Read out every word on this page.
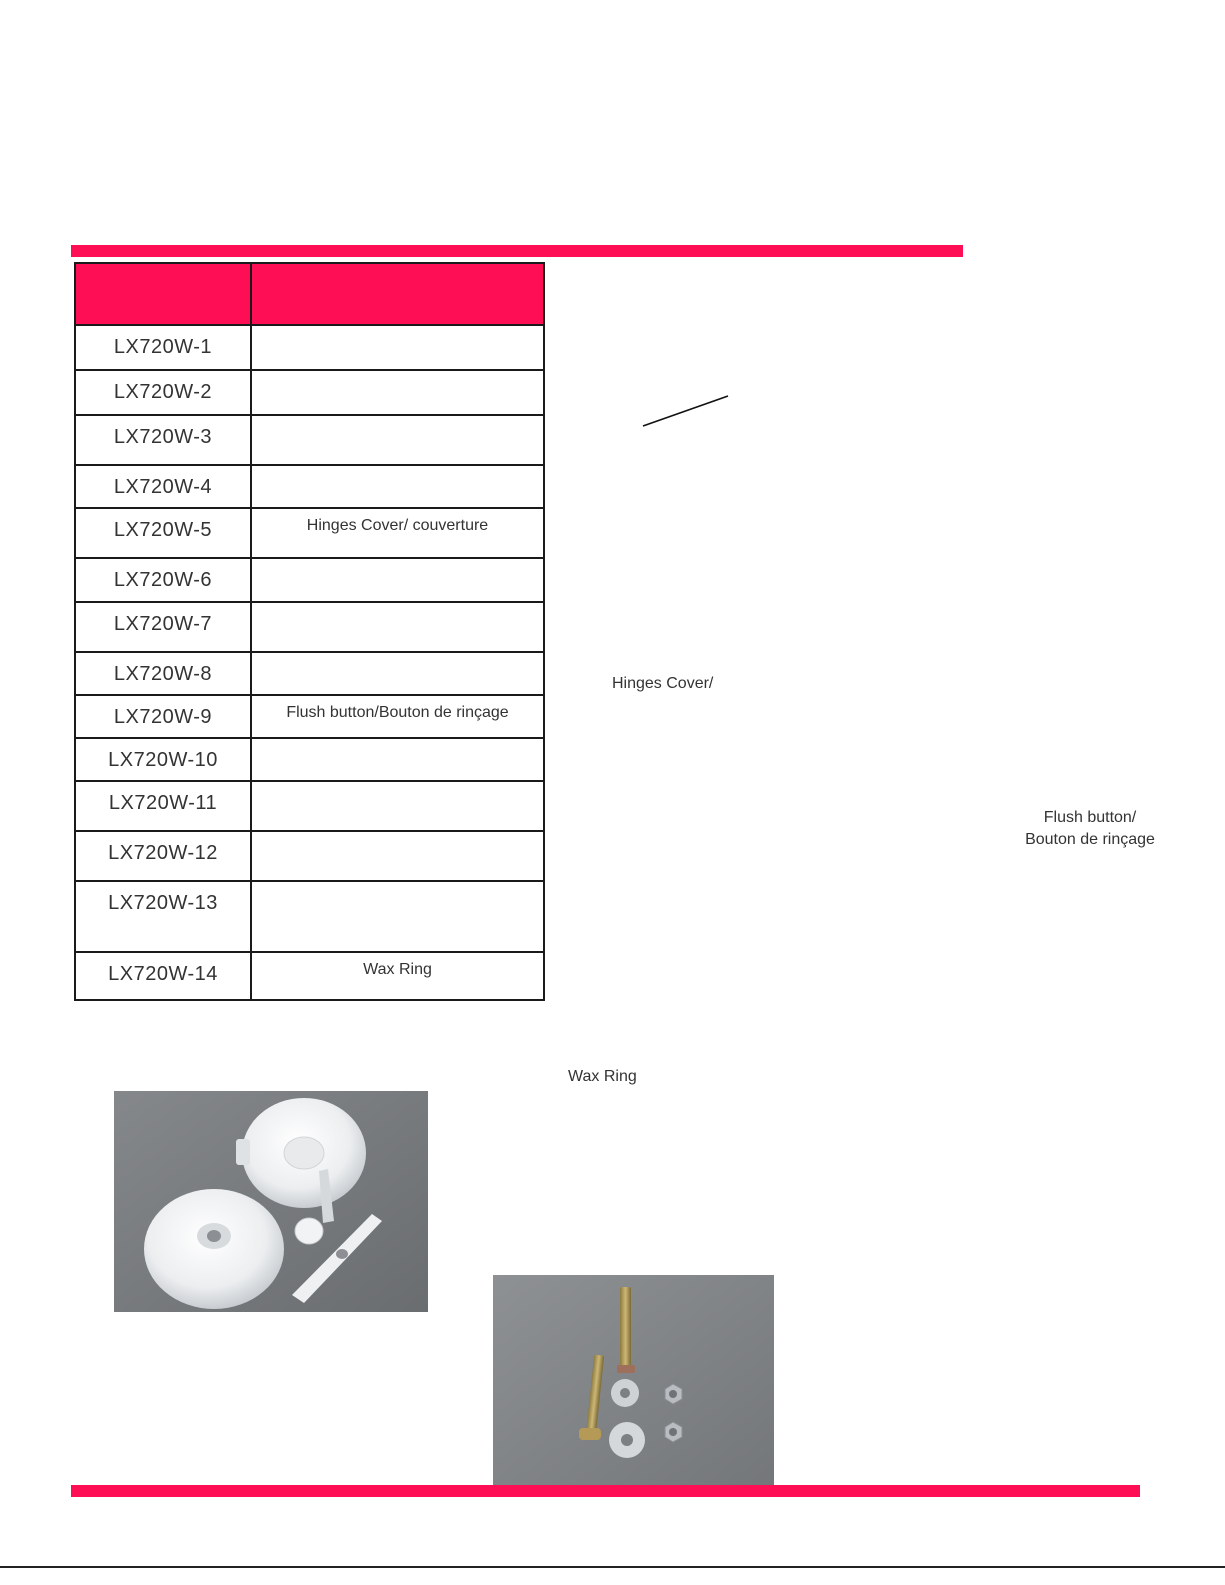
LX720W-1	
LX720W-2	
LX720W-3	
LX720W-4	
LX720W-5	Hinges Cover/ couverture
LX720W-6	
LX720W-7	
LX720W-8	
LX720W-9	Flush button/Bouton de rinçage
LX720W-10	
LX720W-11	
LX720W-12	
LX720W-13	
LX720W-14	Wax Ring
Hinges Cover/
Flush button/
Bouton de rinçage
Wax Ring
